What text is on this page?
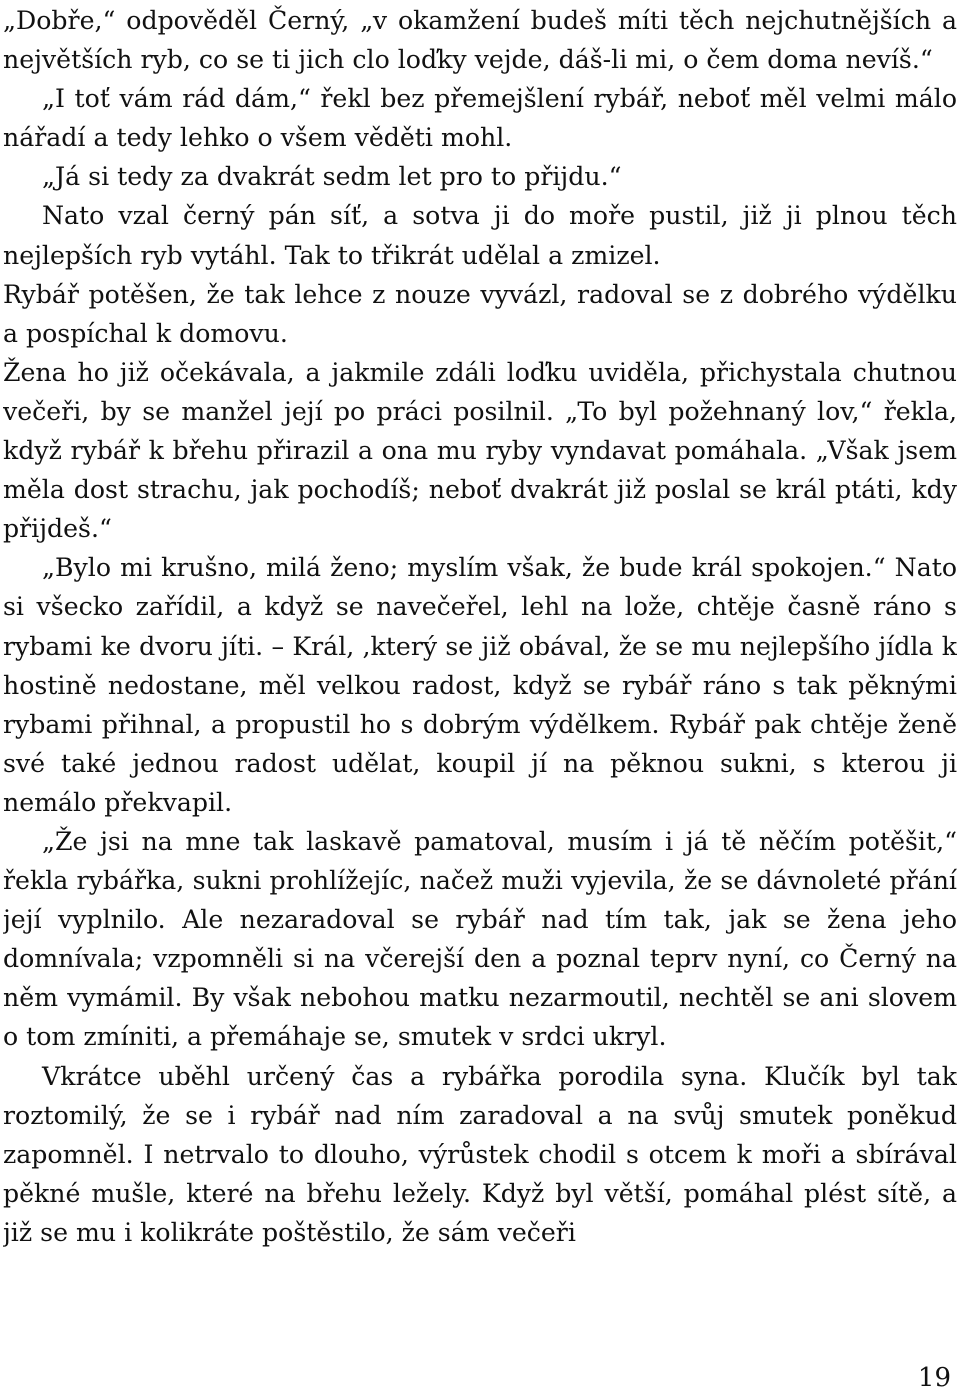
„Dobře,“ odpověděl Černý, „v okamžení budeš míti těch nejchutnějších a největších ryb, co se ti jich clo loďky vejde, dáš-li mi, o čem doma nevíš.“

„I toť vám rád dám,“ řekl bez přemejšlení rybář, neboť měl velmi málo nářadí a tedy lehko o všem věděti mohl.

„Já si tedy za dvakrát sedm let pro to přijdu.“

Nato vzal černý pán síť, a sotva ji do moře pustil, již ji plnou těch nejlepších ryb vytáhl. Tak to třikrát udělal a zmizel.

Rybář potěšen, že tak lehce z nouze vyvázl, radoval se z dobrého výdělku a pospíchal k domovu.

Žena ho již očekávala, a jakmile zdáli loďku uviděla, přichystala chutnou večeři, by se manžel její po práci posilnil. „To byl požehnaný lov,“ řekla, když rybář k břehu přirazil a ona mu ryby vyndavat pomáhala. „Však jsem měla dost strachu, jak pochodíš; neboť dvakrát již poslal se král ptáti, kdy přijdeš.“

„Bylo mi krušno, milá ženo; myslím však, že bude král spokojen.“ Nato si všecko zařídil, a když se navečeřel, lehl na lože, chtěje časně ráno s rybami ke dvoru jíti. – Král, ,který se již obával, že se mu nejlepšího jídla k hostině nedostane, měl velkou radost, když se rybář ráno s tak pěknými rybami přihnal, a propustil ho s dobrým výdělkem. Rybář pak chtěje ženě své také jednou radost udělat, koupil jí na pěknou sukni, s kterou ji nemálo překvapil.

„Že jsi na mne tak laskavě pamatoval, musím i já tě něčím potěšit,“ řekla rybářka, sukni prohlížejíc, načež muži vyjevila, že se dávnoleté přání její vyplnilo. Ale nezaradoval se rybář nad tím tak, jak se žena jeho domnívala; vzpomněli si na včerejší den a poznal teprv nyní, co Černý na něm vymámil. By však nebohou matku nezarmoutil, nechtěl se ani slovem o tom zmíniti, a přemáhaje se, smutek v srdci ukryl.

Vkrátce uběhl určený čas a rybářka porodila syna. Klučík byl tak roztomilý, že se i rybář nad ním zaradoval a na svůj smutek poněkud zapomněl. I netrvalo to dlouho, výrůstek chodil s otcem k moři a sbírával pěkné mušle, které na břehu ležely. Když byl větší, pomáhal plést sítě, a již se mu i kolikráte poštěstilo, že sám večeři

19
